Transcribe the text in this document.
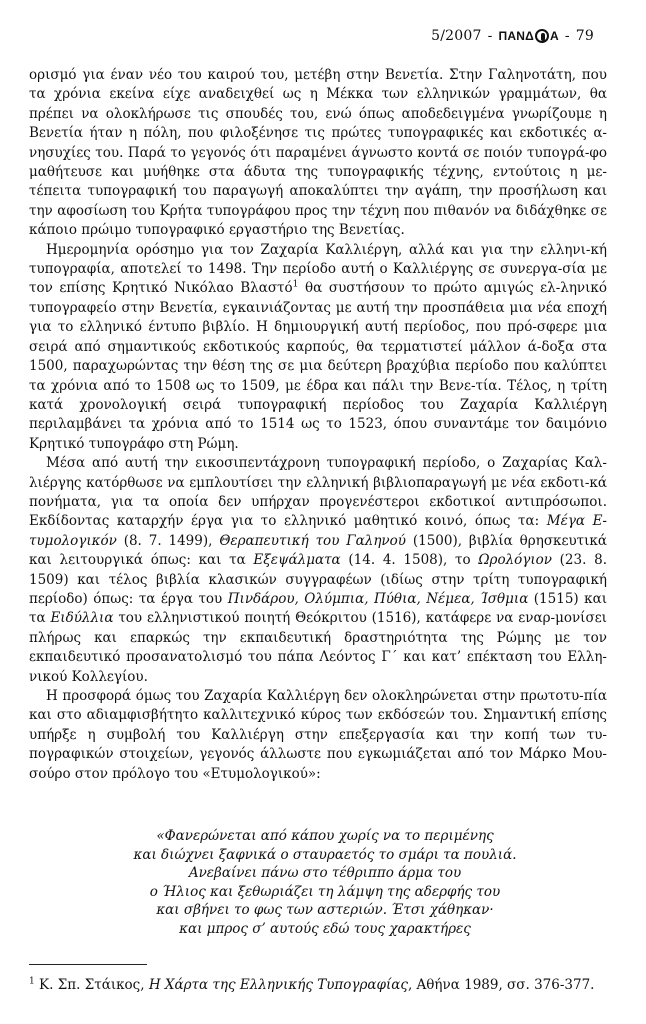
5/2007 - ΠΑΝΔ Α - 79

ορισμό για έναν νέο του καιρού του, μετέβη στην Βενετία. Στην Γαληνοτάτη, που τα χρόνια εκείνα είχε αναδειχθεί ως η Μέκκα των ελληνικών γραμμάτων, θα πρέπει να ολοκλήρωσε τις σπουδές του, ενώ όπως αποδεδειγμένα γνωρίζουμε η Βενετία ήταν η πόλη, που φιλοξένησε τις πρώτες τυπογραφικές και εκδοτικές α-νησυχίες του. Παρά το γεγονός ότι παραμένει άγνωστο κοντά σε ποιόν τυπογρά-φο μαθήτευσε και μυήθηκε στα άδυτα της τυπογραφικής τέχνης, εντούτοις η με-τέπειτα τυπογραφική του παραγωγή αποκαλύπτει την αγάπη, την προσήλωση και την αφοσίωση του Κρήτα τυπογράφου προς την τέχνη που πιθανόν να διδάχθηκε σε κάποιο πρώιμο τυπογραφικό εργαστήριο της Βενετίας.

Ημερομηνία ορόσημο για τον Ζαχαρία Καλλιέργη, αλλά και για την ελληνι-κή τυπογραφία, αποτελεί το 1498. Την περίοδο αυτή ο Καλλιέργης σε συνεργα-σία με τον επίσης Κρητικό Νικόλαο Βλαστό$^1$ θα συστήσουν το πρώτο αμιγώς ελ-ληνικό τυπογραφείο στην Βενετία, εγκαινιάζοντας με αυτή την προσπάθεια μια νέα εποχή για το ελληνικό έντυπο βιβλίο. Η δημιουργική αυτή περίοδος, που πρό-σφερε μια σειρά από σημαντικούς εκδοτικούς καρπούς, θα τερματιστεί μάλλον ά-δοξα στα 1500, παραχωρώντας την θέση της σε μια δεύτερη βραχύβια περίοδο που καλύπτει τα χρόνια από το 1508 ως το 1509, με έδρα και πάλι την Βενε-τία. Τέλος, η τρίτη κατά χρονολογική σειρά τυπογραφική περίοδος του Ζαχαρία Καλλιέργη περιλαμβάνει τα χρόνια από το 1514 ως το 1523, όπου συναντάμε τον δαιμόνιο Κρητικό τυπογράφο στη Ρώμη.

Μέσα από αυτή την εικοσιπεντάχρονη τυπογραφική περίοδο, ο Ζαχαρίας Καλ-λιέργης κατόρθωσε να εμπλουτίσει την ελληνική βιβλιοπαραγωγή με νέα εκδοτι-κά πονήματα, για τα οποία δεν υπήρχαν προγενέστεροι εκδοτικοί αντιπρόσωποι. Εκδίδοντας καταρχήν έργα για το ελληνικό μαθητικό κοινό, όπως τα: Μέγα Ε-τυμολογικόν (8. 7. 1499), Θεραπευτική του Γαληνού (1500), βιβλία θρησκευτικά και λειτουργικά όπως: και τα Εξεψάλματα (14. 4. 1508), το Ωρολόγιον (23. 8. 1509) και τέλος βιβλία κλασικών συγγραφέων (ιδίως στην τρίτη τυπογραφική περίοδο) όπως: τα έργα του Πινδάρου, Ολύμπια, Πύθια, Νέμεα, Ίσθμια (1515) και τα Ειδύλλια του ελληνιστικού ποιητή Θεόκριτου (1516), κατάφερε να εναρ-μονίσει πλήρως και επαρκώς την εκπαιδευτική δραστηριότητα της Ρώμης με τον εκπαιδευτικό προσανατολισμό του πάπα Λεόντος Γ΄ και κατ’ επέκταση του Ελλη-νικού Κολλεγίου.

Η προσφορά όμως του Ζαχαρία Καλλιέργη δεν ολοκληρώνεται στην πρωτοτυ-πία και στο αδιαμφισβήτητο καλλιτεχνικό κύρος των εκδόσεών του. Σημαντική επίσης υπήρξε η συμβολή του Καλλιέργη στην επεξεργασία και την κοπή των τυ-πογραφικών στοιχείων, γεγονός άλλωστε που εγκωμιάζεται από τον Μάρκο Μου-σούρο στον πρόλογο του «Ετυμολογικού»:

«Φανερώνεται από κάπου χωρίς να το περιμένης
και διώχνει ξαφνικά ο σταυραετός το σμάρι τα πουλιά.
Ανεβαίνει πάνω στο τέθριππο άρμα του
ο Ήλιος και ξεθωριάζει τη λάμψη της αδερφής του
και σβήνει το φως των αστεριών. Έτσι χάθηκαν·
και μπρος σ’ αυτούς εδώ τους χαρακτήρες
$^1$ Κ. Σπ. Στάικος, Η Χάρτα της Ελληνικής Τυπογραφίας, Αθήνα 1989, σσ. 376-377.
